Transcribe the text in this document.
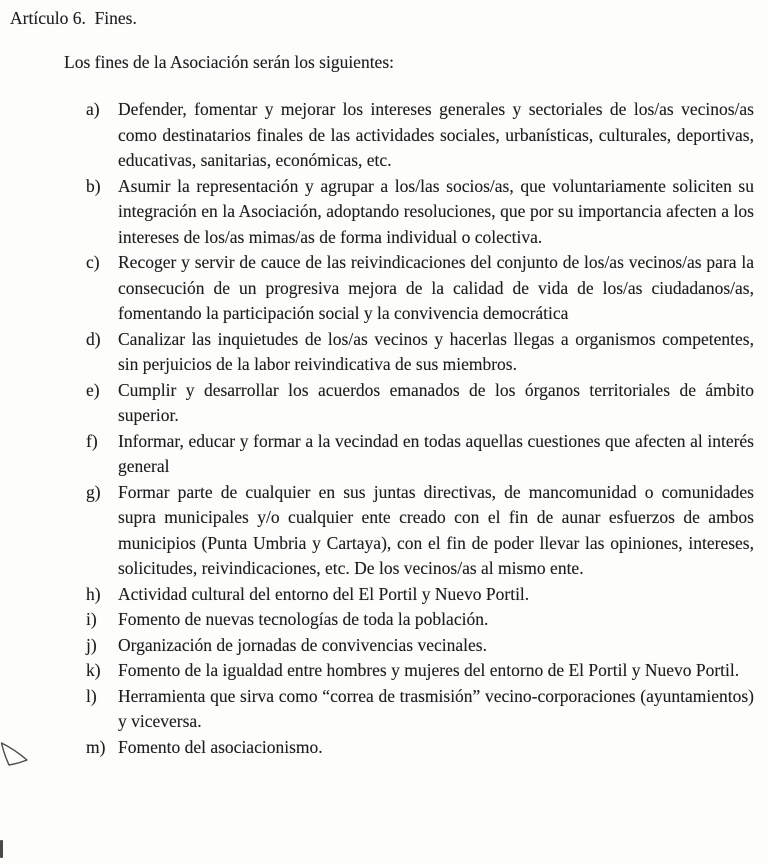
Artículo 6.  Fines.
Los fines de la Asociación serán los siguientes:
a)	Defender, fomentar y mejorar los intereses generales y sectoriales de los/as vecinos/as como destinatarios finales de las actividades sociales, urbanísticas, culturales, deportivas, educativas, sanitarias, económicas, etc.
b) Asumir la representación y agrupar a los/las socios/as, que voluntariamente soliciten su integración en la Asociación, adoptando resoluciones, que por su importancia afecten a los intereses de los/as mimas/as de forma individual o colectiva.
c)	Recoger y servir de cauce de las reivindicaciones del conjunto de los/as vecinos/as para la consecución de un progresiva mejora de la calidad de vida de los/as ciudadanos/as, fomentando la participación social y la convivencia democrática
d) Canalizar las inquietudes de los/as vecinos y hacerlas llegas a organismos competentes, sin perjuicios de la labor reivindicativa de sus miembros.
e)	Cumplir y desarrollar los acuerdos emanados de los órganos territoriales de ámbito superior.
f)	Informar, educar y formar a la vecindad en todas aquellas cuestiones que afecten al interés general
g) Formar parte de cualquier en sus juntas directivas, de mancomunidad o comunidades supra municipales y/o cualquier ente creado con el fin de aunar esfuerzos de ambos municipios (Punta Umbria y Cartaya), con el fin de poder llevar las opiniones, intereses, solicitudes, reivindicaciones, etc. De los vecinos/as al mismo ente.
h) Actividad cultural del entorno del El Portil y Nuevo Portil.
i)	Fomento de nuevas tecnologías de toda la población.
j)	Organización de jornadas de convivencias vecinales.
k) Fomento de la igualdad entre hombres y mujeres del entorno de El Portil y Nuevo Portil.
l)	Herramienta que sirva como “correa de trasmisión” vecino-corporaciones (ayuntamientos) y viceversa.
m) Fomento del asociacionismo.
